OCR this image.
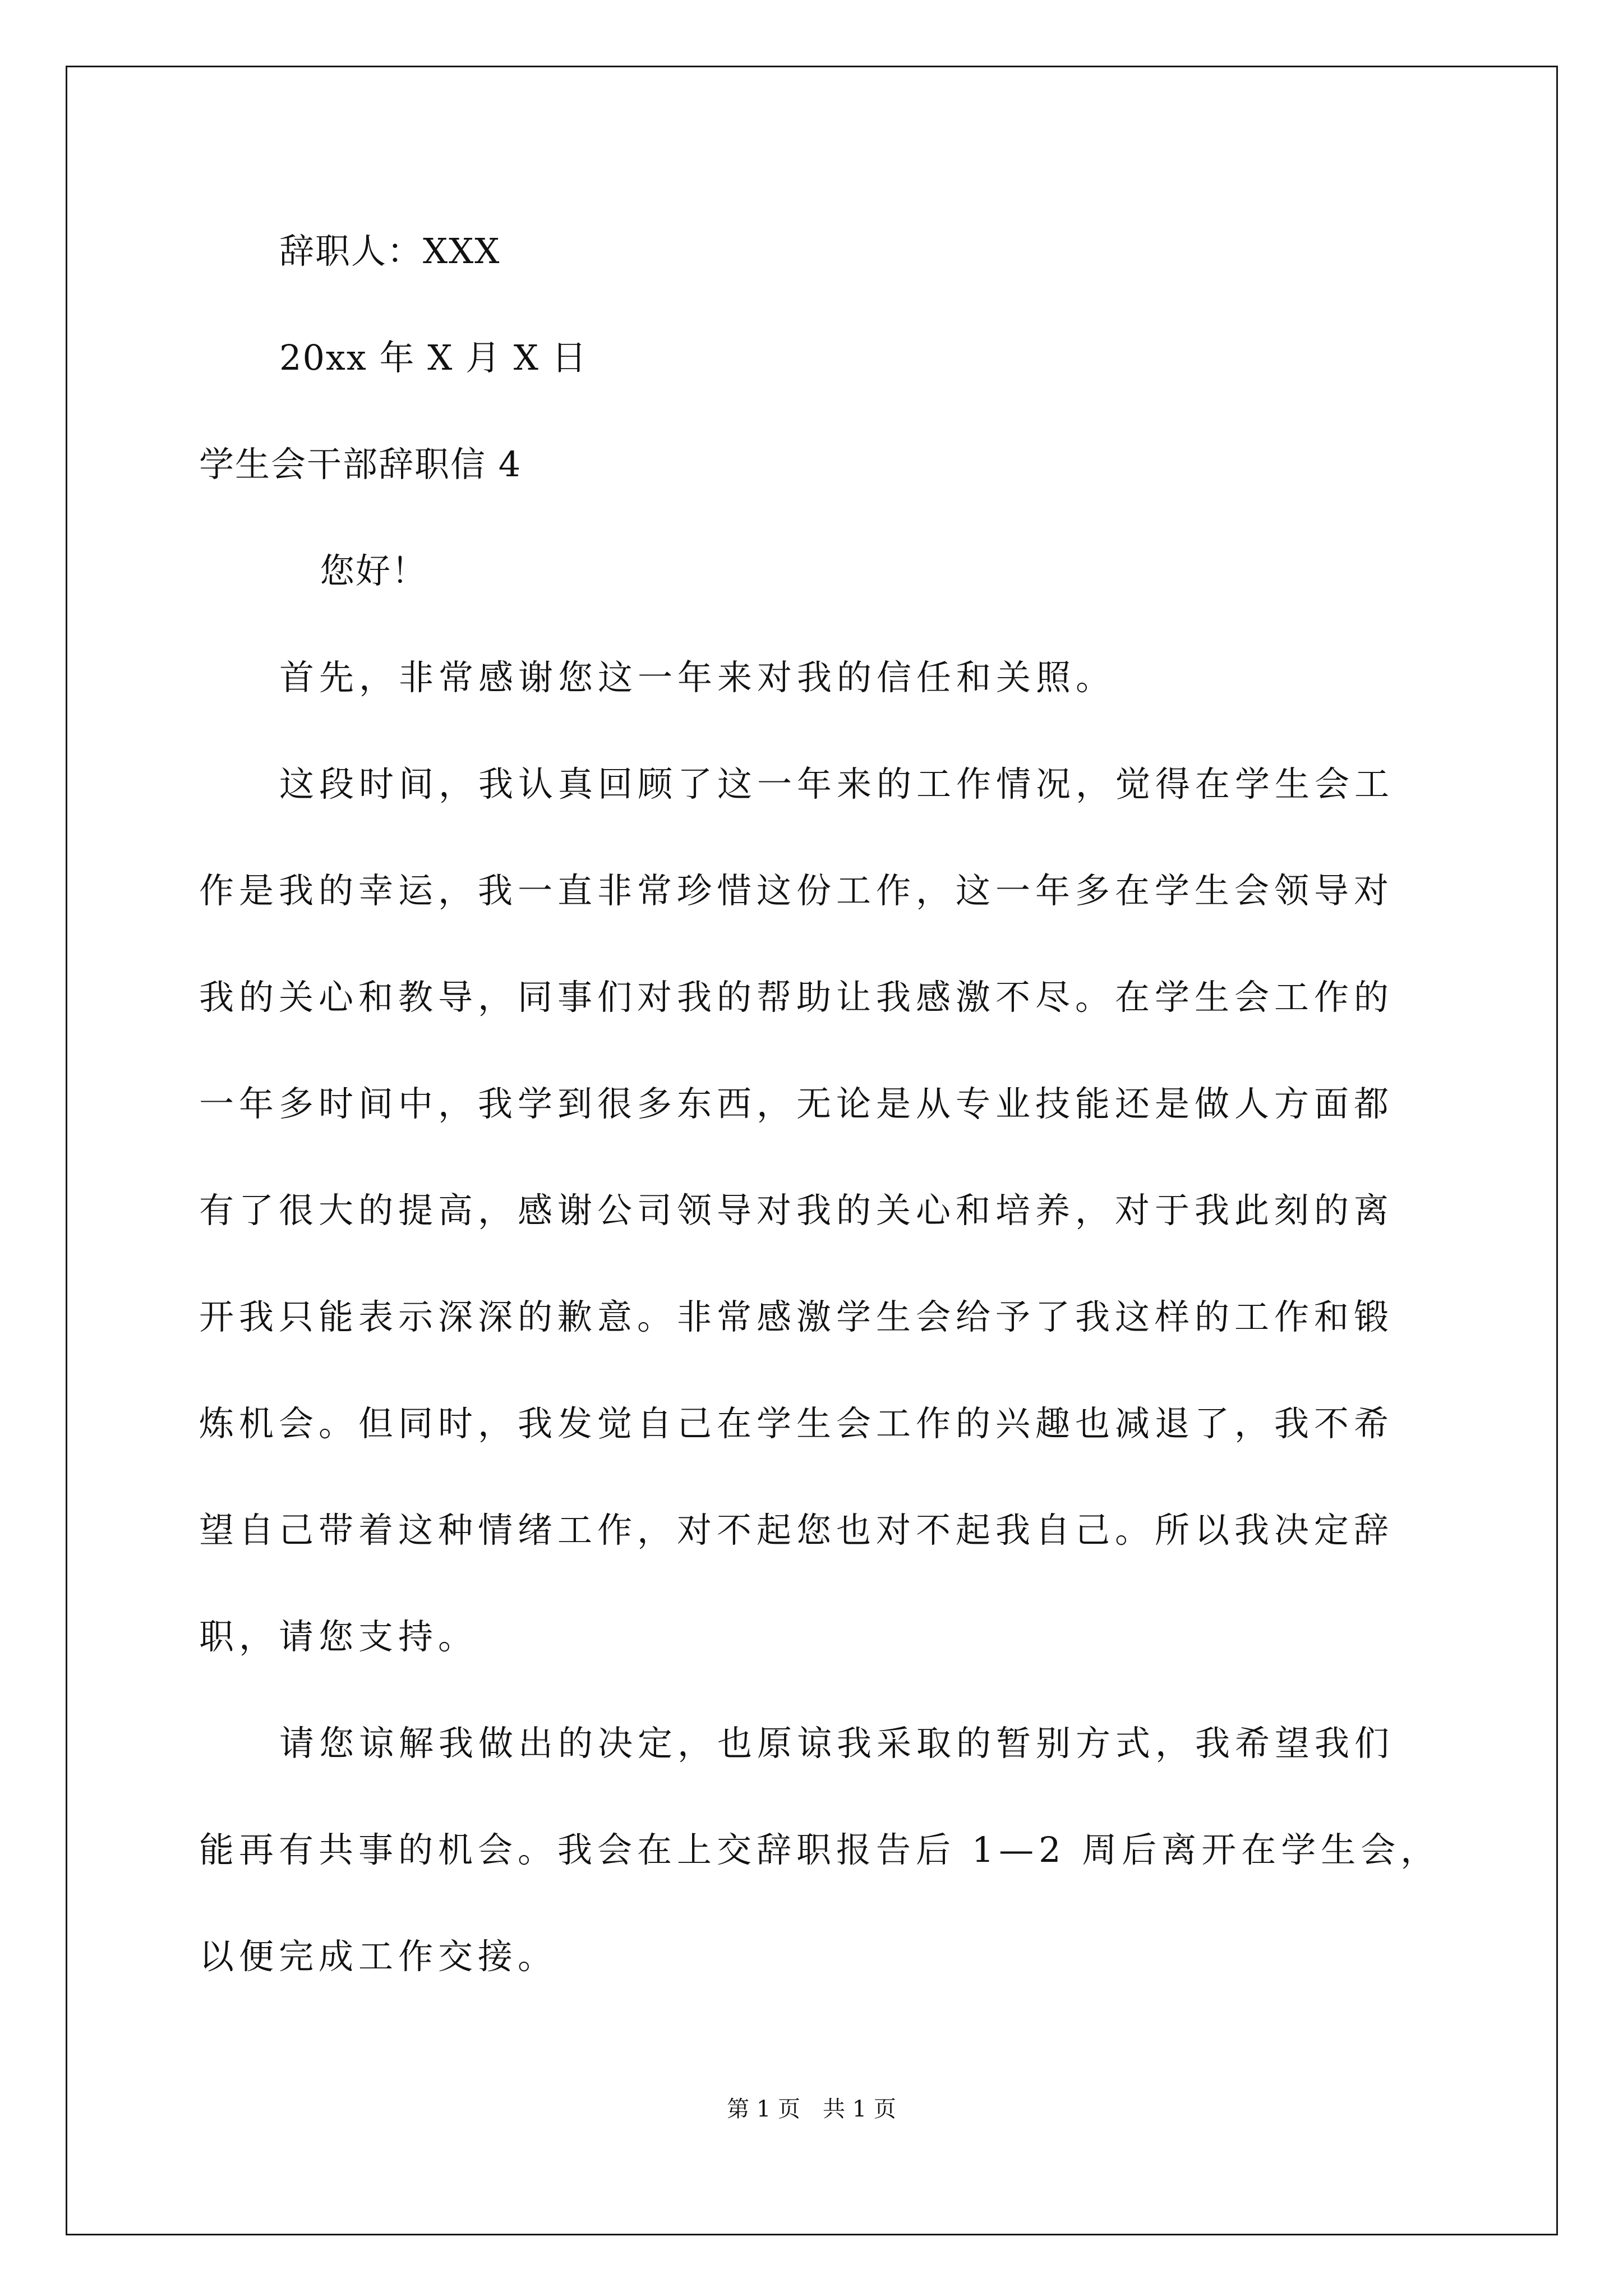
辞职人：XXX
20xx 年 X 月 X 日
学生会干部辞职信 4
您好！
首先，非常感谢您这一年来对我的信任和关照。
这段时间，我认真回顾了这一年来的工作情况，觉得在学生会工
作是我的幸运，我一直非常珍惜这份工作，这一年多在学生会领导对
我的关心和教导，同事们对我的帮助让我感激不尽。在学生会工作的
一年多时间中，我学到很多东西，无论是从专业技能还是做人方面都
有了很大的提高，感谢公司领导对我的关心和培养，对于我此刻的离
开我只能表示深深的歉意。非常感激学生会给予了我这样的工作和锻
炼机会。但同时，我发觉自己在学生会工作的兴趣也减退了，我不希
望自己带着这种情绪工作，对不起您也对不起我自己。所以我决定辞
职，请您支持。
请您谅解我做出的决定，也原谅我采取的暂别方式，我希望我们
能再有共事的机会。我会在上交辞职报告后 1—2 周后离开在学生会，
以便完成工作交接。
第 1 页　共 1 页
